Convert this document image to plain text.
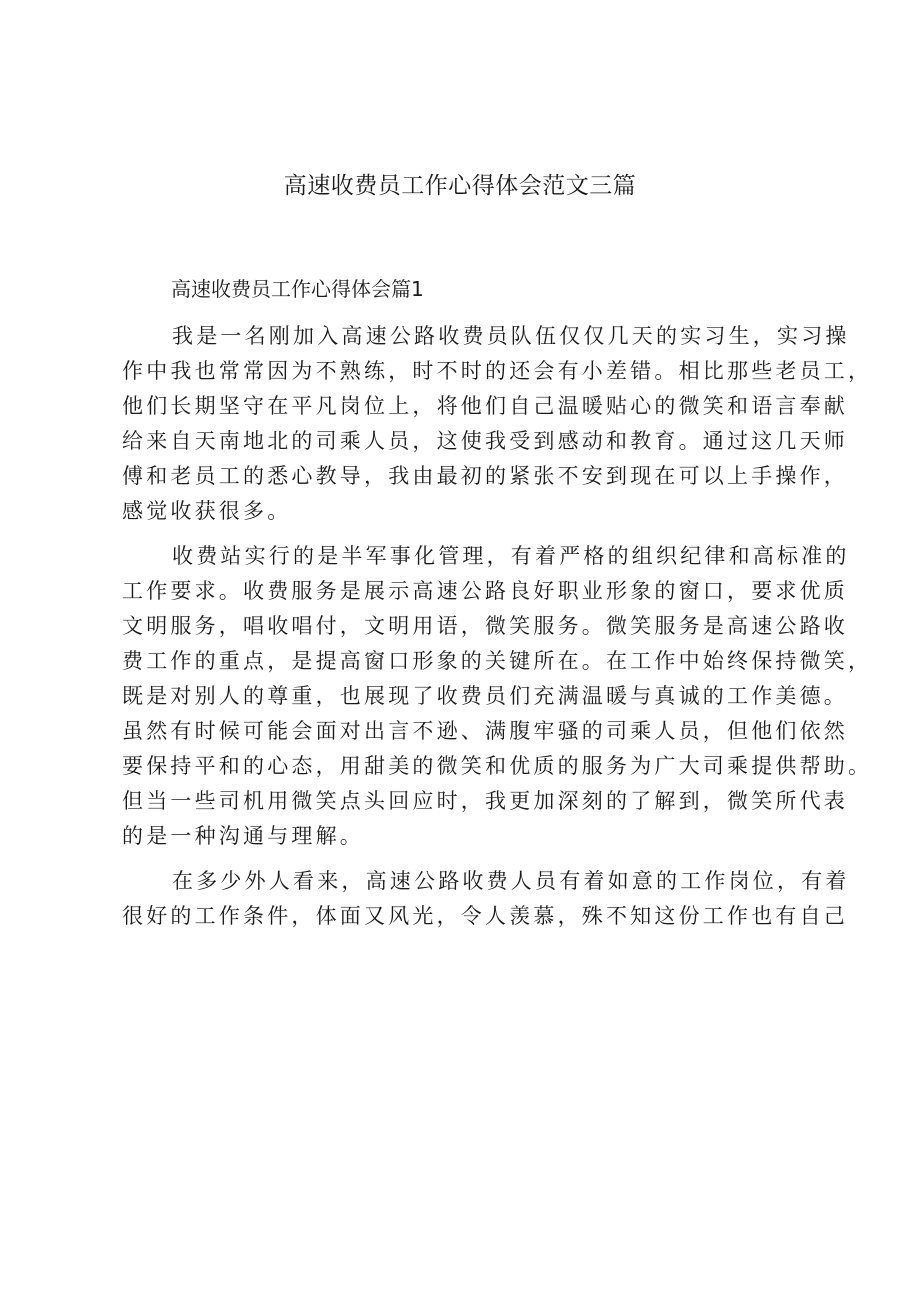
高速收费员工作心得体会范文三篇
高速收费员工作心得体会篇1
我是一名刚加入高速公路收费员队伍仅仅几天的实习生，实习操
作中我也常常因为不熟练，时不时的还会有小差错。相比那些老员工，
他们长期坚守在平凡岗位上，将他们自己温暖贴心的微笑和语言奉献
给来自天南地北的司乘人员，这使我受到感动和教育。通过这几天师
傅和老员工的悉心教导，我由最初的紧张不安到现在可以上手操作，
感觉收获很多。
收费站实行的是半军事化管理，有着严格的组织纪律和高标准的
工作要求。收费服务是展示高速公路良好职业形象的窗口，要求优质
文明服务，唱收唱付，文明用语，微笑服务。微笑服务是高速公路收
费工作的重点，是提高窗口形象的关键所在。在工作中始终保持微笑，
既是对别人的尊重，也展现了收费员们充满温暖与真诚的工作美德。
虽然有时候可能会面对出言不逊、满腹牢骚的司乘人员，但他们依然
要保持平和的心态，用甜美的微笑和优质的服务为广大司乘提供帮助。
但当一些司机用微笑点头回应时，我更加深刻的了解到，微笑所代表
的是一种沟通与理解。
在多少外人看来，高速公路收费人员有着如意的工作岗位，有着
很好的工作条件，体面又风光，令人羡慕，殊不知这份工作也有自己
